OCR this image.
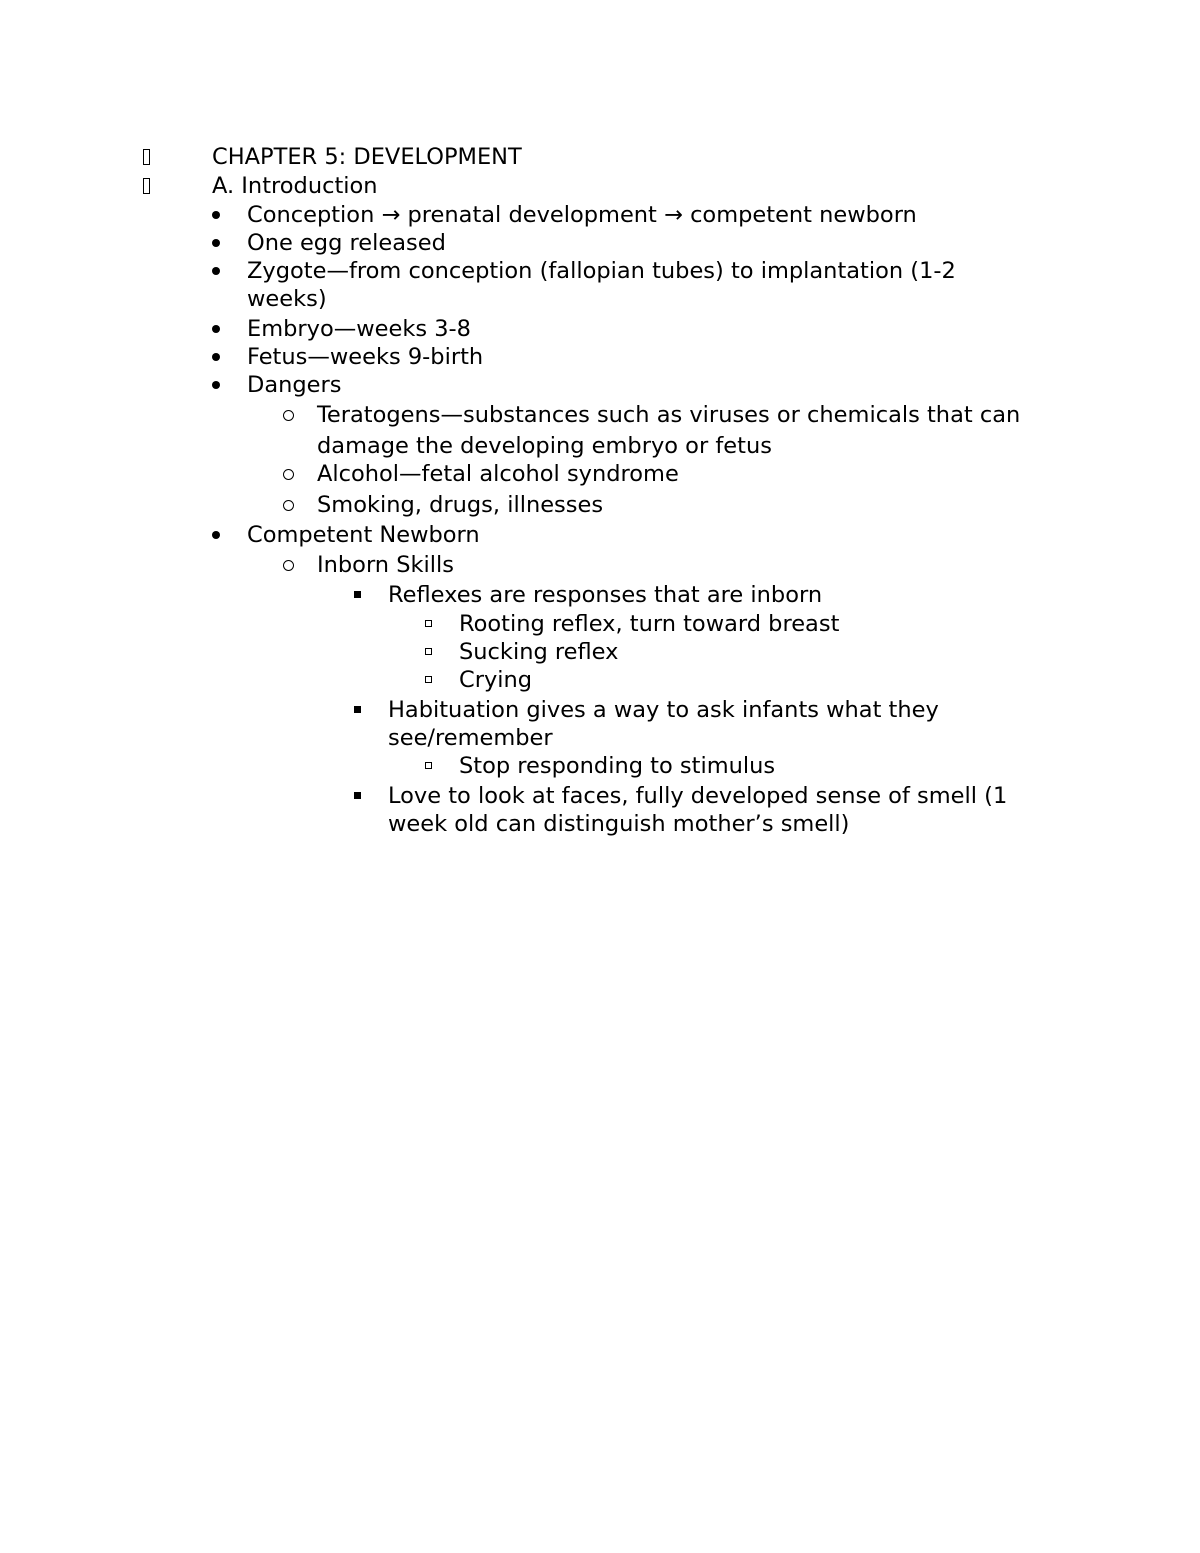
CHAPTER 5: DEVELOPMENT
A. Introduction
Conception → prenatal development → competent newborn
One egg released
Zygote—from conception (fallopian tubes) to implantation (1-2
weeks)
Embryo—weeks 3-8
Fetus—weeks 9-birth
Dangers
Teratogens—substances such as viruses or chemicals that can
damage the developing embryo or fetus
Alcohol—fetal alcohol syndrome
Smoking, drugs, illnesses
Competent Newborn
Inborn Skills
Reflexes are responses that are inborn
Rooting reflex, turn toward breast
Sucking reflex
Crying
Habituation gives a way to ask infants what they
see/remember
Stop responding to stimulus
Love to look at faces, fully developed sense of smell (1
week old can distinguish mother’s smell)
